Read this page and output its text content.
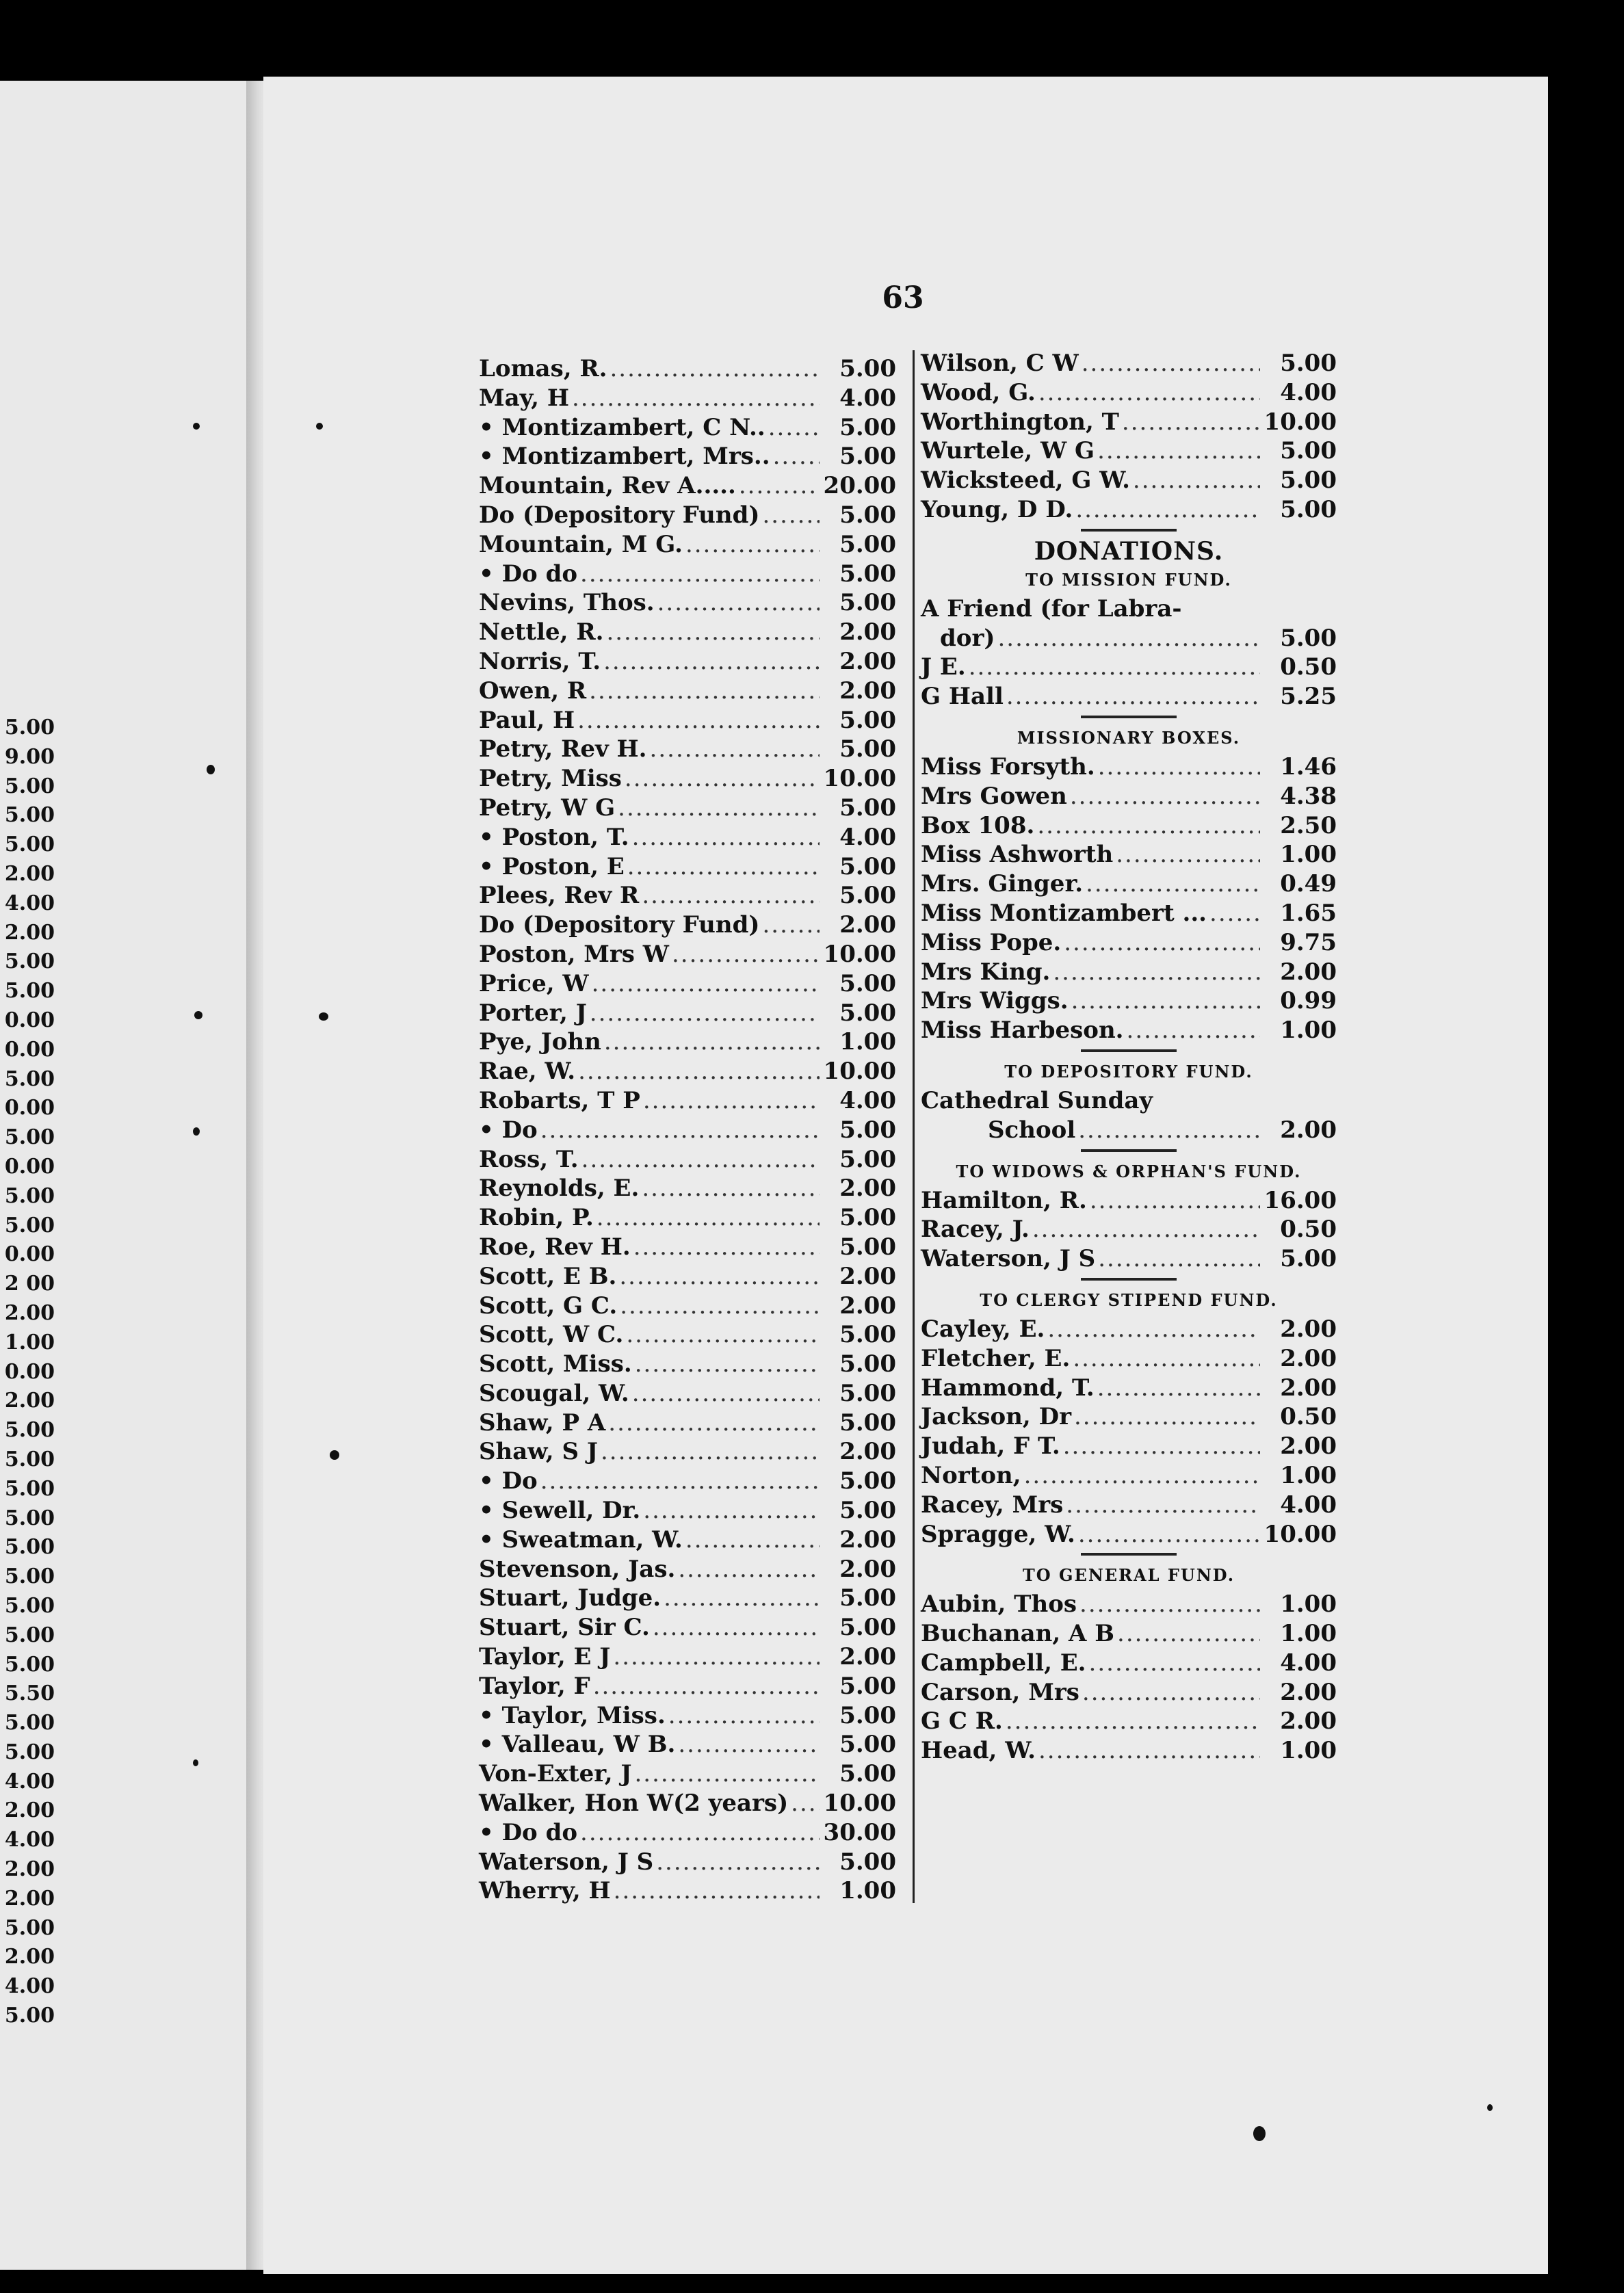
5.00
9.00
5.00
5.00
5.00
2.00
4.00
2.00
5.00
5.00
0.00
0.00
5.00
0.00
5.00
0.00
5.00
5.00
0.00
2 00
2.00
1.00
0.00
2.00
5.00
5.00
5.00
5.00
5.00
5.00
5.00
5.00
5.00
5.50
5.00
5.00
4.00
2.00
4.00
2.00
2.00
5.00
2.00
4.00
5.00
63
Lomas, R. .....	5.00
May, H .....	4.00
• Montizambert, C N.. .....	5.00
• Montizambert, Mrs.. .....	5.00
Mountain, Rev A..... .....	20.00
Do (Depository Fund) .....	5.00
Mountain, M G. .....	5.00
• Do do .....	5.00
Nevins, Thos. .....	5.00
Nettle, R. .....	2.00
Norris, T. .....	2.00
Owen, R .....	2.00
Paul, H .....	5.00
Petry, Rev H. .....	5.00
Petry, Miss .....	10.00
Petry, W G .....	5.00
• Poston, T. .....	4.00
• Poston, E .....	5.00
Plees, Rev R .....	5.00
Do (Depository Fund) .....	2.00
Poston, Mrs W .....	10.00
Price, W .....	5.00
Porter, J .....	5.00
Pye, John .....	1.00
Rae, W. .....	10.00
Robarts, T P .....	4.00
• Do .....	5.00
Ross, T. .....	5.00
Reynolds, E. .....	2.00
Robin, P. .....	5.00
Roe, Rev H. .....	5.00
Scott, E B. .....	2.00
Scott, G C. .....	2.00
Scott, W C. .....	5.00
Scott, Miss. .....	5.00
Scougal, W. .....	5.00
Shaw, P A .....	5.00
Shaw, S J .....	2.00
• Do .....	5.00
• Sewell, Dr. .....	5.00
• Sweatman, W. .....	2.00
Stevenson, Jas. .....	2.00
Stuart, Judge. .....	5.00
Stuart, Sir C. .....	5.00
Taylor, E J .....	2.00
Taylor, F .....	5.00
• Taylor, Miss. .....	5.00
• Valleau, W B. .....	5.00
Von-Exter, J .....	5.00
Walker, Hon W(2 years) ..... 10.00
• Do do .....	30.00
Waterson, J S .....	5.00
Wherry, H .....	1.00
Wilson, C W .....	5.00
Wood, G. .....	4.00
Worthington, T .....	10.00
Wurtele, W G .....	5.00
Wicksteed, G W. .....	5.00
Young, D D. .....	5.00
DONATIONS.
TO MISSION FUND.
A Friend (for Labra-
dor) .....	5.00
J E. .....	0.50
G Hall .....	5.25
MISSIONARY BOXES.
Miss Forsyth. .....	1.46
Mrs Gowen .....	4.38
Box 108. .....	2.50
Miss Ashworth .....	1.00
Mrs. Ginger. .....	0.49
Miss Montizambert ... .....	1.65
Miss Pope. .....	9.75
Mrs King. .....	2.00
Mrs Wiggs. .....	0.99
Miss Harbeson. .....	1.00
TO DEPOSITORY FUND.
Cathedral Sunday
School .....	2.00
TO WIDOWS & ORPHAN'S FUND.
Hamilton, R. .....	16.00
Racey, J. .....	0.50
Waterson, J S .....	5.00
TO CLERGY STIPEND FUND.
Cayley, E. .....	2.00
Fletcher, E. .....	2.00
Hammond, T. .....	2.00
Jackson, Dr .....	0.50
Judah, F T. .....	2.00
Norton, .....	1.00
Racey, Mrs .....	4.00
Spragge, W. .....	10.00
TO GENERAL FUND.
Aubin, Thos .....	1.00
Buchanan, A B .....	1.00
Campbell, E. .....	4.00
Carson, Mrs .....	2.00
G C R. .....	2.00
Head, W. .....	1.00
